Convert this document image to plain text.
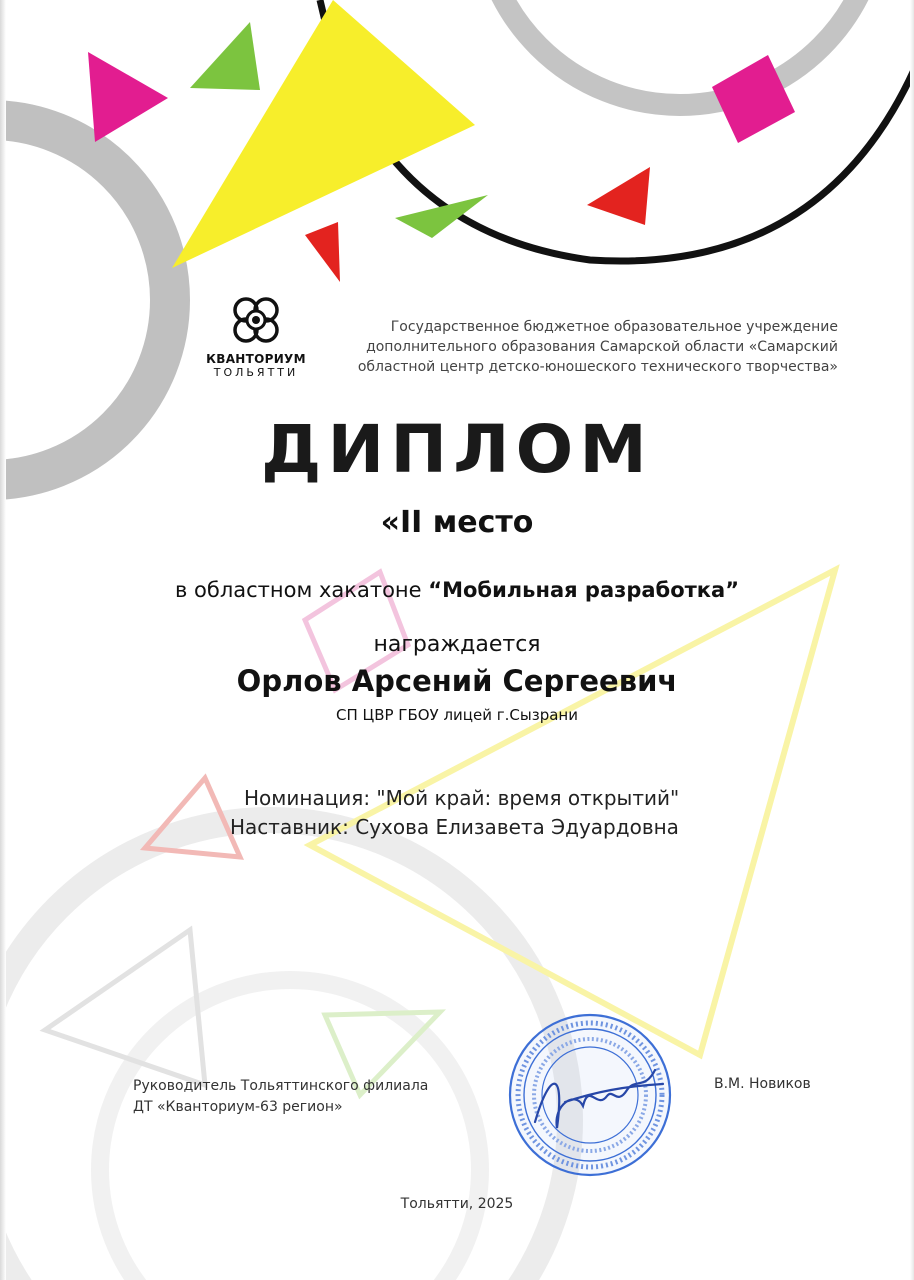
КВАНТОРИУМ
ТОЛЬЯТТИ
Государственное бюджетное образовательное учреждение
дополнительного образования Самарской области «Самарский
областной центр детско-юношеского технического творчества»
ДИПЛОМ
«II место
в областном хакатоне “Мобильная разработка”
награждается
Орлов Арсений Сергеевич
СП ЦВР ГБОУ лицей г.Сызрани
Номинация: "Мой край: время открытий"
Наставник: Сухова Елизавета Эдуардовна
Руководитель Тольяттинского филиала
ДТ «Кванториум-63 регион»
В.М. Новиков
Тольятти, 2025
